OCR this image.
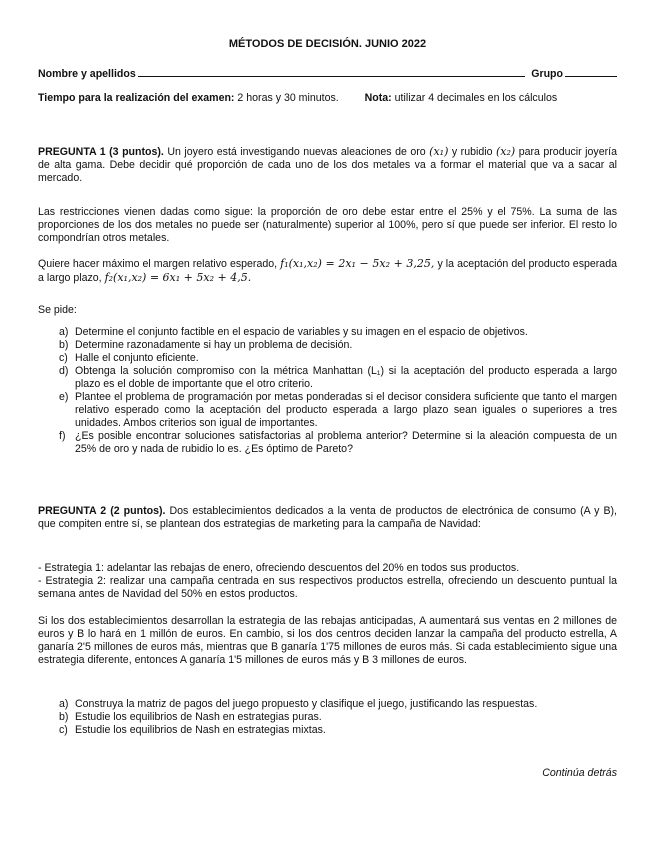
MÉTODOS DE DECISIÓN. JUNIO 2022
Nombre y apellidos	Grupo
Tiempo para la realización del examen: 2 horas y 30 minutos. Nota: utilizar 4 decimales en los cálculos
PREGUNTA 1 (3 puntos). Un joyero está investigando nuevas aleaciones de oro (x₁) y rubidio (x₂) para producir joyería de alta gama. Debe decidir qué proporción de cada uno de los dos metales va a formar el material que va a sacar al mercado.
Las restricciones vienen dadas como sigue: la proporción de oro debe estar entre el 25% y el 75%. La suma de las proporciones de los dos metales no puede ser (naturalmente) superior al 100%, pero sí que puede ser inferior. El resto lo compondrían otros metales.
Quiere hacer máximo el margen relativo esperado, f₁(x₁,x₂) = 2x₁ − 5x₂ + 3,25, y la aceptación del producto esperada a largo plazo, f₂(x₁,x₂) = 6x₁ + 5x₂ + 4,5.
Se pide:
a) Determine el conjunto factible en el espacio de variables y su imagen en el espacio de objetivos.
b) Determine razonadamente si hay un problema de decisión.
c) Halle el conjunto eficiente.
d) Obtenga la solución compromiso con la métrica Manhattan (L₁) si la aceptación del producto esperada a largo plazo es el doble de importante que el otro criterio.
e) Plantee el problema de programación por metas ponderadas si el decisor considera suficiente que tanto el margen relativo esperado como la aceptación del producto esperada a largo plazo sean iguales o superiores a tres unidades. Ambos criterios son igual de importantes.
f) ¿Es posible encontrar soluciones satisfactorias al problema anterior? Determine si la aleación compuesta de un 25% de oro y nada de rubidio lo es. ¿Es óptimo de Pareto?
PREGUNTA 2 (2 puntos). Dos establecimientos dedicados a la venta de productos de electrónica de consumo (A y B), que compiten entre sí, se plantean dos estrategias de marketing para la campaña de Navidad:
- Estrategia 1: adelantar las rebajas de enero, ofreciendo descuentos del 20% en todos sus productos.
- Estrategia 2: realizar una campaña centrada en sus respectivos productos estrella, ofreciendo un descuento puntual la semana antes de Navidad del 50% en estos productos.
Si los dos establecimientos desarrollan la estrategia de las rebajas anticipadas, A aumentará sus ventas en 2 millones de euros y B lo hará en 1 millón de euros. En cambio, si los dos centros deciden lanzar la campaña del producto estrella, A ganaría 2'5 millones de euros más, mientras que B ganaría 1'75 millones de euros más. Si cada establecimiento sigue una estrategia diferente, entonces A ganaría 1'5 millones de euros más y B 3 millones de euros.
a) Construya la matriz de pagos del juego propuesto y clasifique el juego, justificando las respuestas.
b) Estudie los equilibrios de Nash en estrategias puras.
c) Estudie los equilibrios de Nash en estrategias mixtas.
Continúa detrás
